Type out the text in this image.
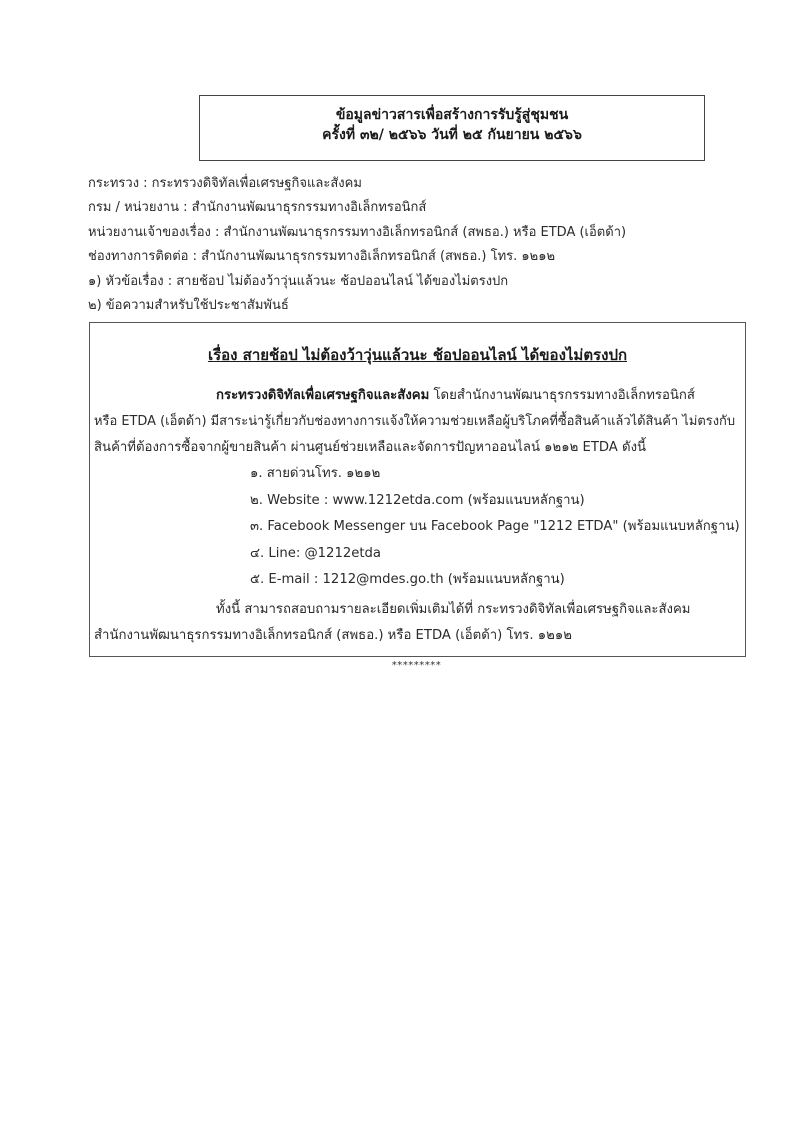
ข้อมูลข่าวสารเพื่อสร้างการรับรู้สู่ชุมชน
ครั้งที่ ๓๒/ ๒๕๖๖ วันที่ ๒๕ กันยายน ๒๕๖๖
กระทรวง : กระทรวงดิจิทัลเพื่อเศรษฐกิจและสังคม
กรม / หน่วยงาน : สำนักงานพัฒนาธุรกรรมทางอิเล็กทรอนิกส์
หน่วยงานเจ้าของเรื่อง : สำนักงานพัฒนาธุรกรรมทางอิเล็กทรอนิกส์ (สพธอ.) หรือ ETDA (เอ็ตด้า)
ช่องทางการติดต่อ : สำนักงานพัฒนาธุรกรรมทางอิเล็กทรอนิกส์ (สพธอ.) โทร. ๑๒๑๒
๑) หัวข้อเรื่อง : สายช้อป ไม่ต้องว้าวุ่นแล้วนะ ช้อปออนไลน์ ได้ของไม่ตรงปก
๒) ข้อความสำหรับใช้ประชาสัมพันธ์
เรื่อง สายช้อป ไม่ต้องว้าวุ่นแล้วนะ ช้อปออนไลน์ ได้ของไม่ตรงปก
กระทรวงดิจิทัลเพื่อเศรษฐกิจและสังคม โดยสำนักงานพัฒนาธุรกรรมทางอิเล็กทรอนิกส์
หรือ ETDA (เอ็ตด้า) มีสาระน่ารู้เกี่ยวกับช่องทางการแจ้งให้ความช่วยเหลือผู้บริโภคที่ซื้อสินค้าแล้วได้สินค้า ไม่ตรงกับ
สินค้าที่ต้องการซื้อจากผู้ขายสินค้า ผ่านศูนย์ช่วยเหลือและจัดการปัญหาออนไลน์ ๑๒๑๒ ETDA ดังนี้
๑. สายด่วนโทร. ๑๒๑๒
๒. Website : www.1212etda.com (พร้อมแนบหลักฐาน)
๓. Facebook Messenger บน Facebook Page "1212 ETDA" (พร้อมแนบหลักฐาน)
๔. Line: @1212etda
๕. E-mail : 1212@mdes.go.th (พร้อมแนบหลักฐาน)
ทั้งนี้ สามารถสอบถามรายละเอียดเพิ่มเติมได้ที่ กระทรวงดิจิทัลเพื่อเศรษฐกิจและสังคม
สำนักงานพัฒนาธุรกรรมทางอิเล็กทรอนิกส์ (สพธอ.) หรือ ETDA (เอ็ตด้า) โทร. ๑๒๑๒
*********
